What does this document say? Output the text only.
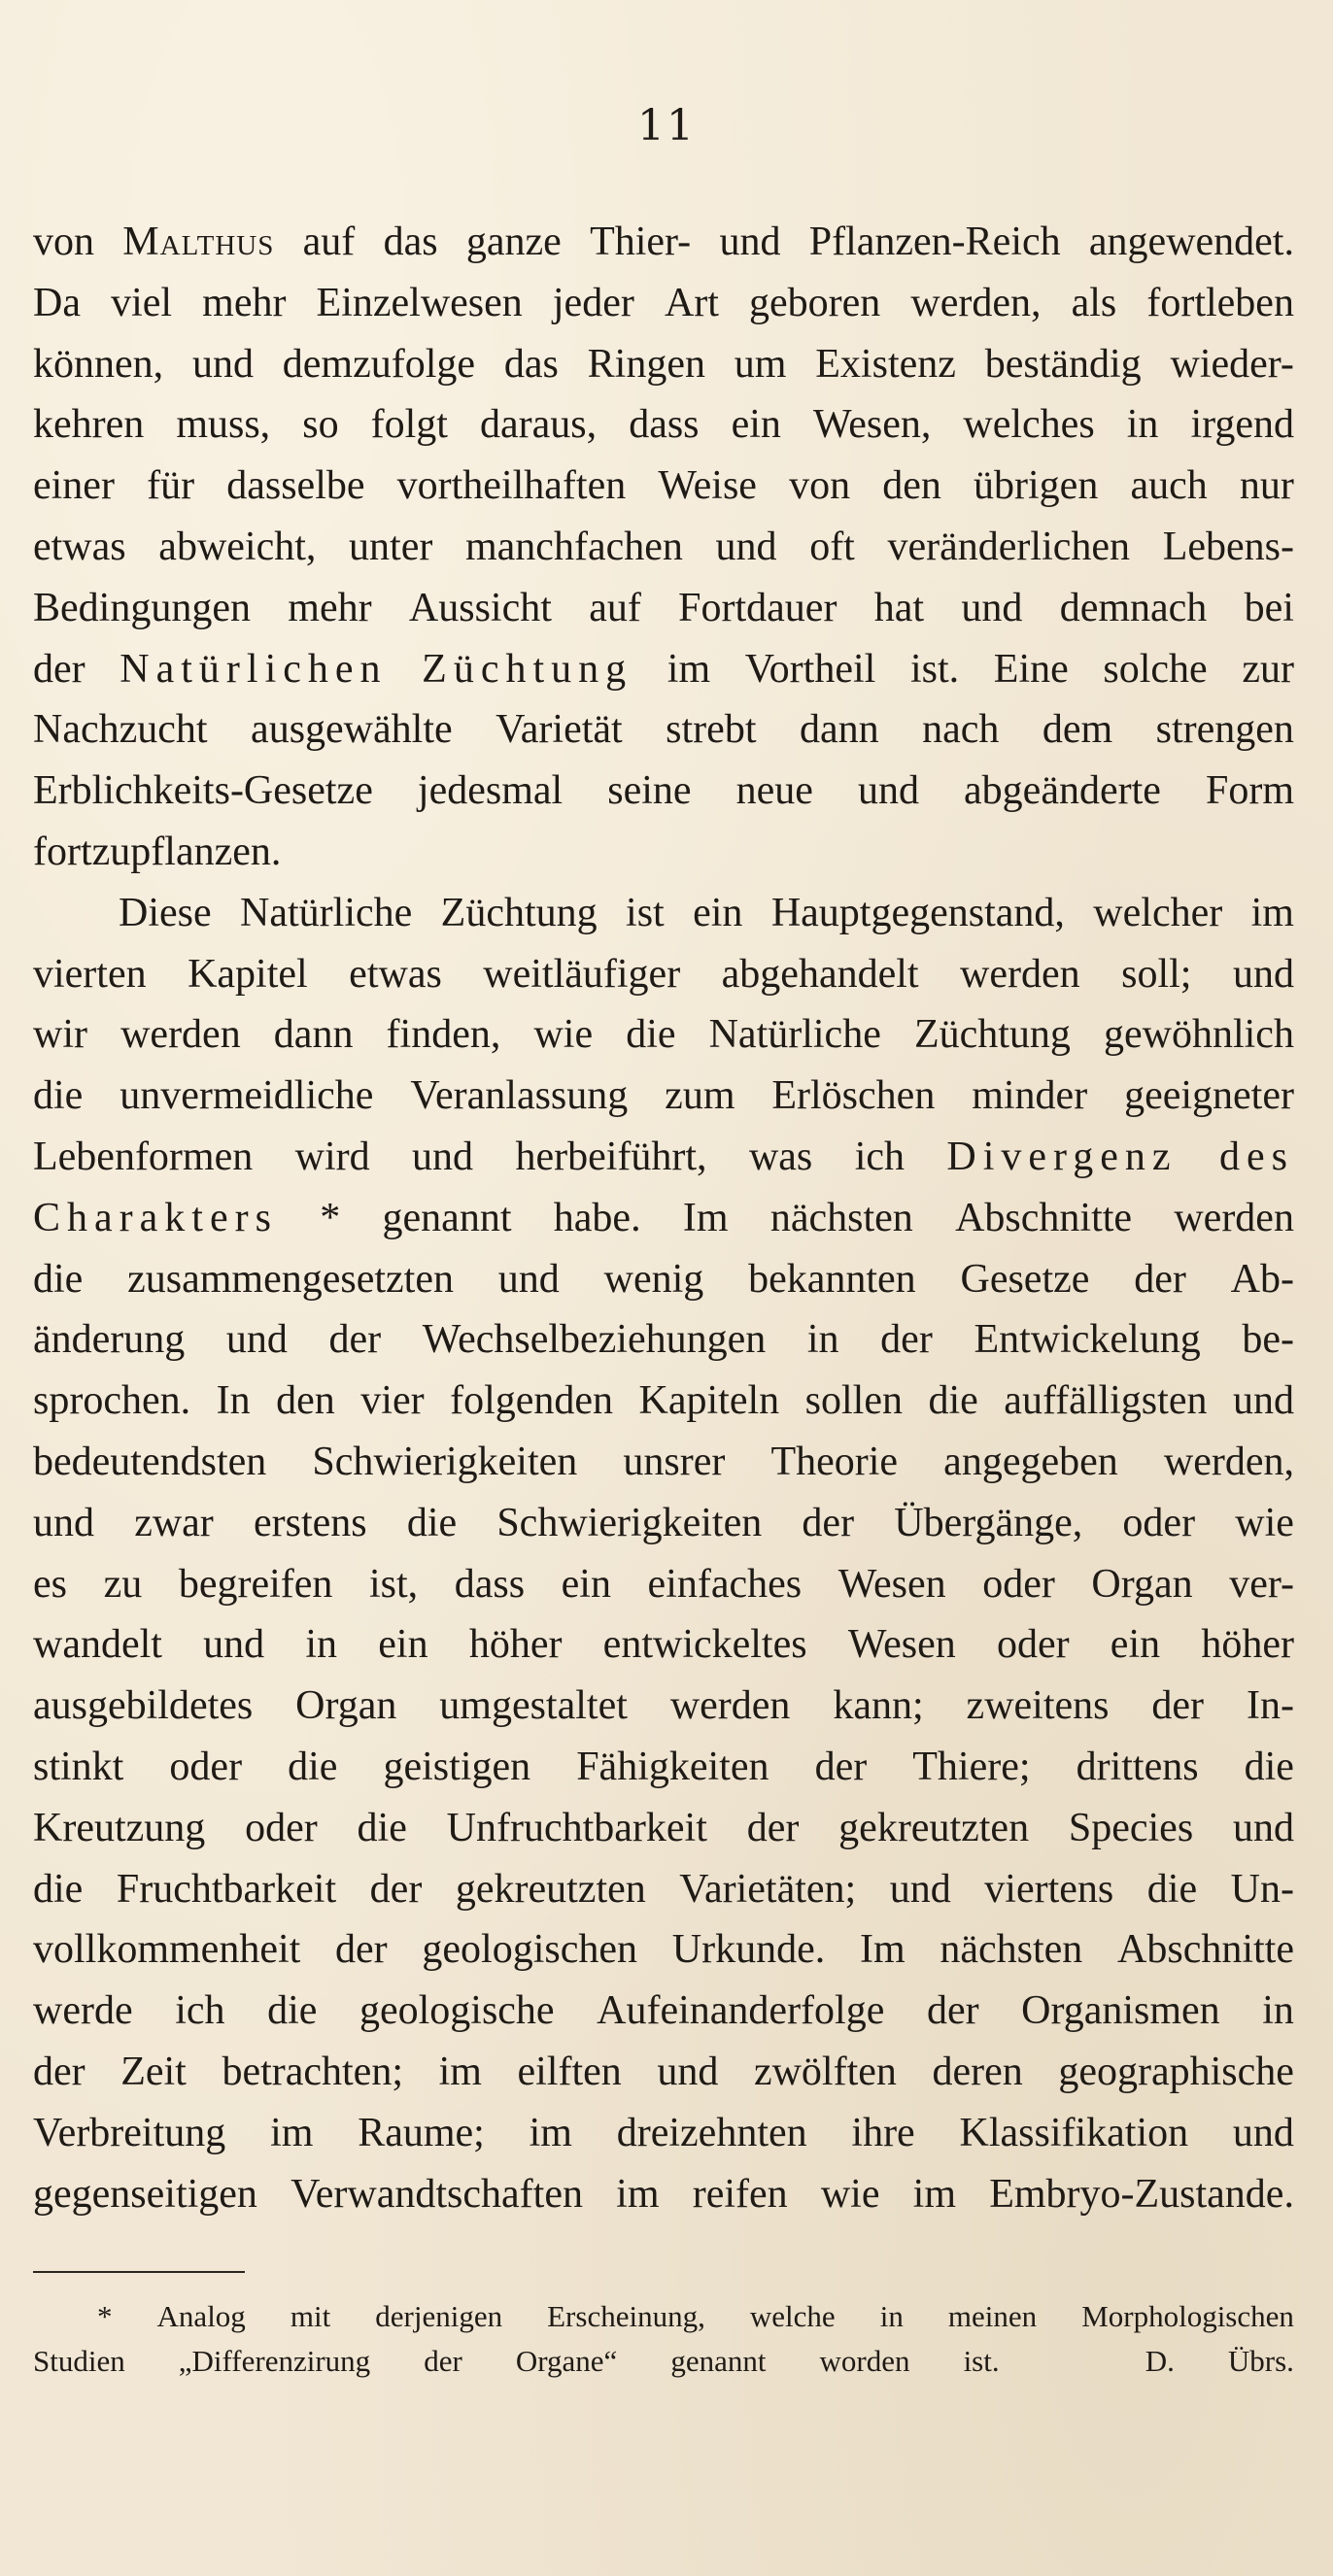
11
von Malthus auf das ganze Thier- und Pflanzen-Reich angewendet.
Da viel mehr Einzelwesen jeder Art geboren werden, als fortleben
können, und demzufolge das Ringen um Existenz beständig wieder-
kehren muss, so folgt daraus, dass ein Wesen, welches in irgend
einer für dasselbe vortheilhaften Weise von den übrigen auch nur
etwas abweicht, unter manchfachen und oft veränderlichen Lebens-
Bedingungen mehr Aussicht auf Fortdauer hat und demnach bei
der Natürlichen Züchtung im Vortheil ist. Eine solche zur
Nachzucht ausgewählte Varietät strebt dann nach dem strengen
Erblichkeits-Gesetze jedesmal seine neue und abgeänderte Form
fortzupflanzen.
Diese Natürliche Züchtung ist ein Hauptgegenstand, welcher im
vierten Kapitel etwas weitläufiger abgehandelt werden soll; und
wir werden dann finden, wie die Natürliche Züchtung gewöhnlich
die unvermeidliche Veranlassung zum Erlöschen minder geeigneter
Lebenformen wird und herbeiführt, was ich Divergenz des
Charakters * genannt habe. Im nächsten Abschnitte werden
die zusammengesetzten und wenig bekannten Gesetze der Ab-
änderung und der Wechselbeziehungen in der Entwickelung be-
sprochen. In den vier folgenden Kapiteln sollen die auffälligsten und
bedeutendsten Schwierigkeiten unsrer Theorie angegeben werden,
und zwar erstens die Schwierigkeiten der Übergänge, oder wie
es zu begreifen ist, dass ein einfaches Wesen oder Organ ver-
wandelt und in ein höher entwickeltes Wesen oder ein höher
ausgebildetes Organ umgestaltet werden kann; zweitens der In-
stinkt oder die geistigen Fähigkeiten der Thiere; drittens die
Kreutzung oder die Unfruchtbarkeit der gekreutzten Species und
die Fruchtbarkeit der gekreutzten Varietäten; und viertens die Un-
vollkommenheit der geologischen Urkunde. Im nächsten Abschnitte
werde ich die geologische Aufeinanderfolge der Organismen in
der Zeit betrachten; im eilften und zwölften deren geographische
Verbreitung im Raume; im dreizehnten ihre Klassifikation und
gegenseitigen Verwandtschaften im reifen wie im Embryo-Zustande.
* Analog mit derjenigen Erscheinung, welche in meinen Morphologischen
Studien „Differenzirung der Organe“ genannt worden ist.	D. Übrs.
